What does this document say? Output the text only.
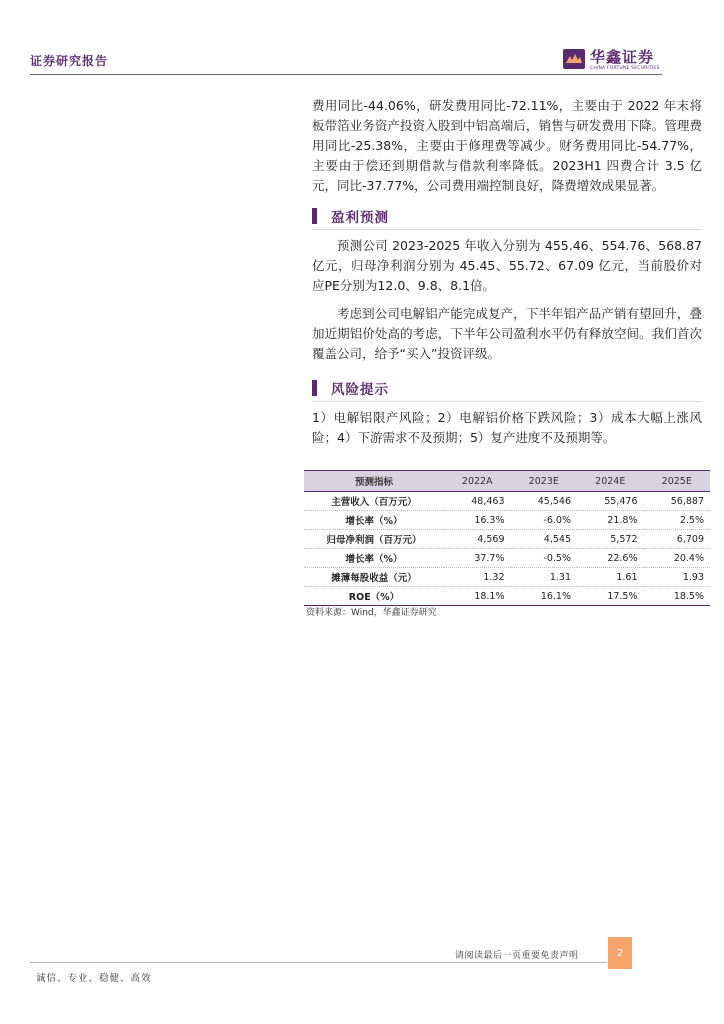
证券研究报告	华鑫证券
CHINA FORTUNE SECURITIES

费用同比-44.06%，研发费用同比-72.11%，主要由于 2022 年末将板带箔业务资产投资入股到中铝高端后，销售与研发费用下降。管理费用同比-25.38%，主要由于修理费等减少。财务费用同比-54.77%，主要由于偿还到期借款与借款利率降低。2023H1 四费合计 3.5 亿元，同比-37.77%，公司费用端控制良好，降费增效成果显著。

盈利预测

预测公司 2023-2025 年收入分别为 455.46、554.76、568.87 亿元，归母净利润分别为 45.45、55.72、67.09 亿元，当前股价对应PE分别为12.0、9.8、8.1倍。

考虑到公司电解铝产能完成复产，下半年铝产品产销有望回升，叠加近期铝价处高的考虑，下半年公司盈利水平仍有释放空间。我们首次覆盖公司，给予“买入”投资评级。

风险提示

1）电解铝限产风险；2）电解铝价格下跌风险；3）成本大幅上涨风险；4）下游需求不及预期；5）复产进度不及预期等。

预测指标	2022A	2023E	2024E	2025E
主营收入（百万元）	48,463	45,546	55,476	56,887
增长率（%）	16.3%	-6.0%	21.8%	2.5%
归母净利润（百万元）	4,569	4,545	5,572	6,709
增长率（%）	37.7%	-0.5%	22.6%	20.4%
摊薄每股收益（元）	1.32	1.31	1.61	1.93
ROE（%）	18.1%	16.1%	17.5%	18.5%
资料来源：Wind，华鑫证券研究
请阅读最后一页重要免责声明	2
诚信、专业、稳健、高效
